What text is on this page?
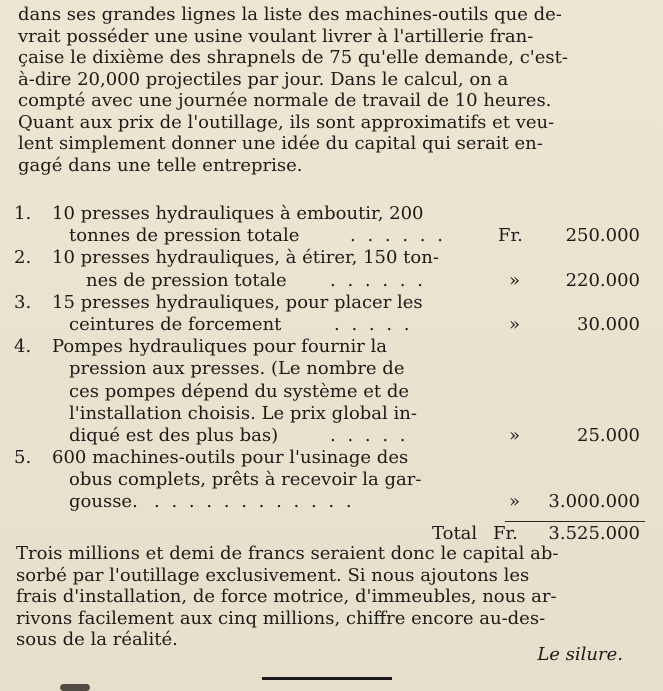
dans ses grandes lignes la liste des machines-outils que de-
vrait posséder une usine voulant livrer à l'artillerie fran-
çaise le dixième des shrapnels de 75 qu'elle demande, c'est-
à-dire 20,000 projectiles par jour. Dans le calcul, on a
compté avec une journée normale de travail de 10 heures.
Quant aux prix de l'outillage, ils sont approximatifs et veu-
lent simplement donner une idée du capital qui serait en-
gagé dans une telle entreprise.
1.	10 presses hydrauliques à emboutir, 200
tonnes de pression totale	. . . . . .	Fr. 250.000
2.	10 presses hydrauliques, à étirer, 150 ton-
nes de pression totale . . . . . .	»	220.000
3.	15 presses hydrauliques, pour placer les
ceintures de forcement	. . . . .	»	30.000
4.	Pompes hydrauliques pour fournir la
pression aux presses. (Le nombre de
ces pompes dépend du système et de
l'installation choisis. Le prix global in-
diqué est des plus bas)	. . . . .	»	25.000
5.	600 machines-outils pour l'usinage des
obus complets, prêts à recevoir la gar-
gousse. . . . . . . . . . . . .	» 3.000.000
Total Fr. 3.525.000
Trois millions et demi de francs seraient donc le capital ab-
sorbé par l'outillage exclusivement. Si nous ajoutons les
frais d'installation, de force motrice, d'immeubles, nous ar-
rivons facilement aux cinq millions, chiffre encore au-des-
sous de la réalité.
Le silure.
